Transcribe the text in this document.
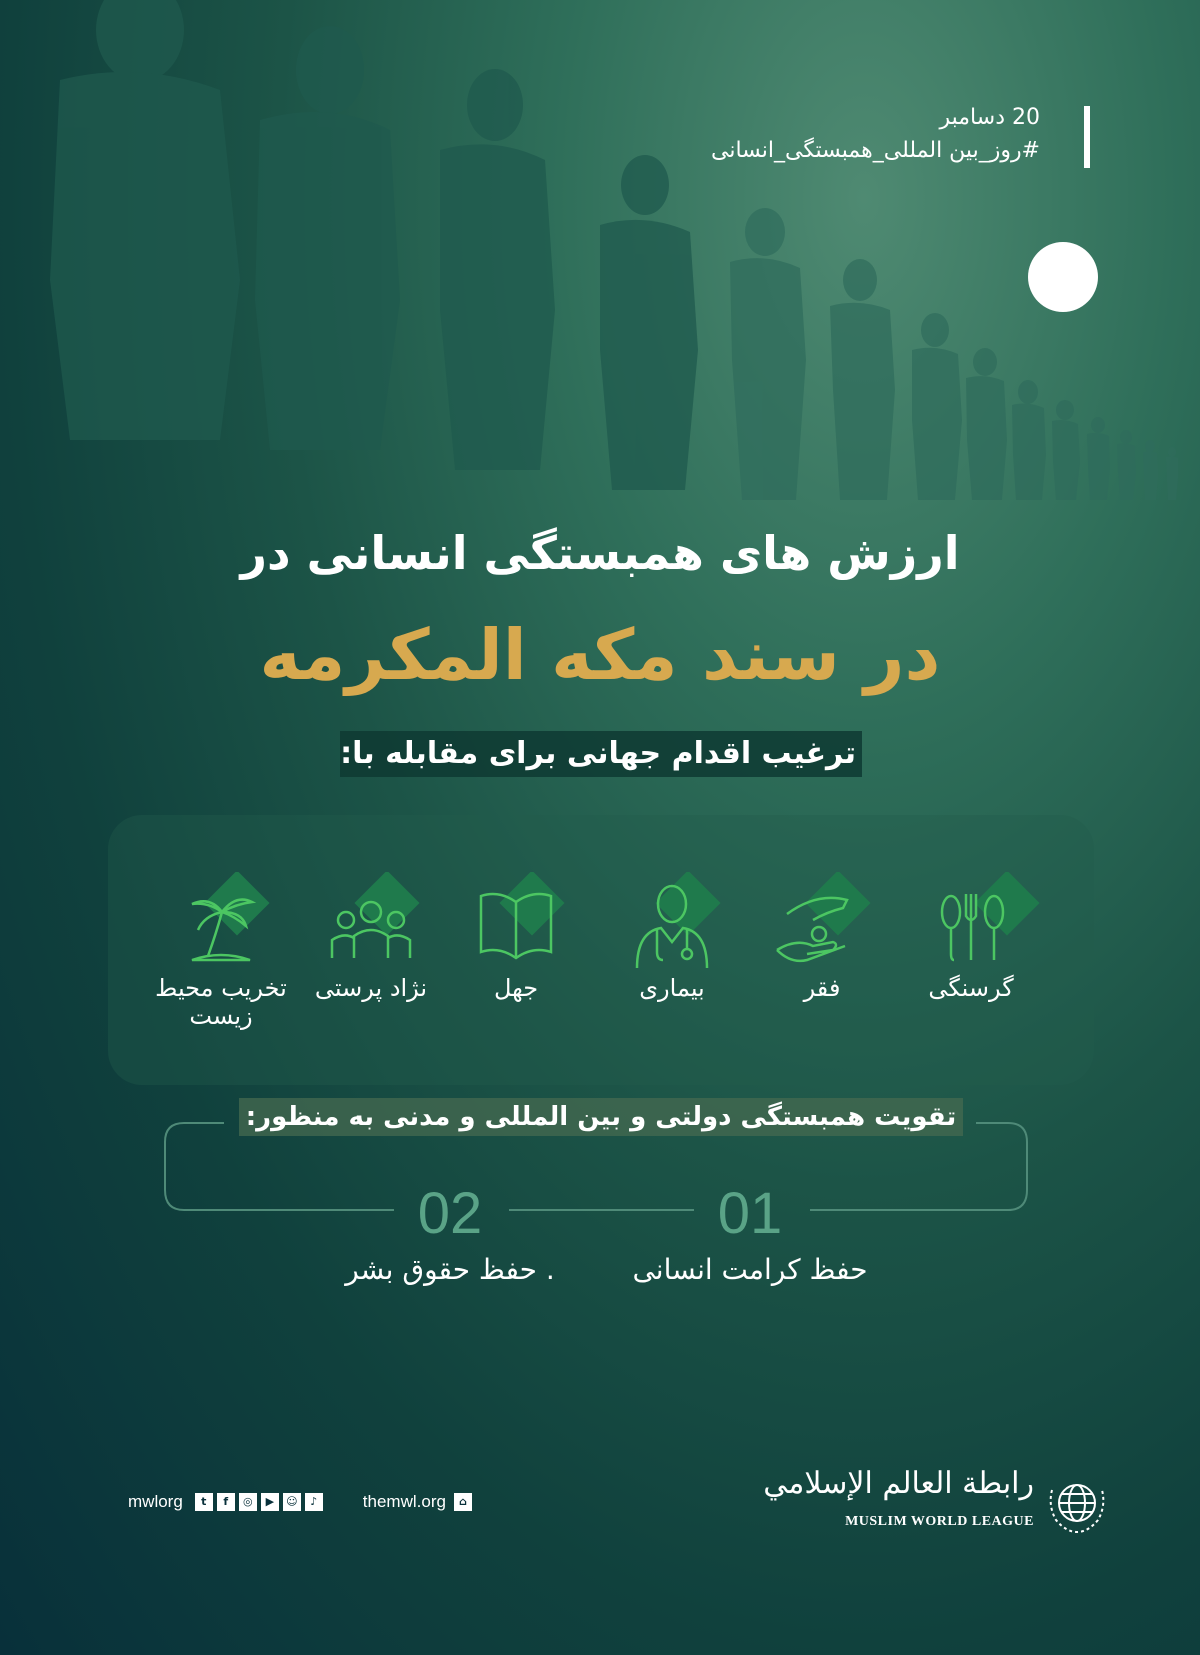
20 دسامبر
#روز_بین المللی_همبستگی_انسانی
ارزش های همبستگی انسانی در
در سند مکه المکرمه
ترغیب اقدام جهانی برای مقابله با:
گرسنگی
فقر
بیماری
جهل
نژاد پرستی
تخریب محیط زیست
تقویت همبستگی دولتی و بین المللی و مدنی به منظور:
01
حفظ کرامت انسانی
02
. حفظ حقوق بشر
mwlorg	t	f	◎	▶	☺	♪	themwl.org	⌂
رابطة العالم الإسلامي
MUSLIM WORLD LEAGUE
